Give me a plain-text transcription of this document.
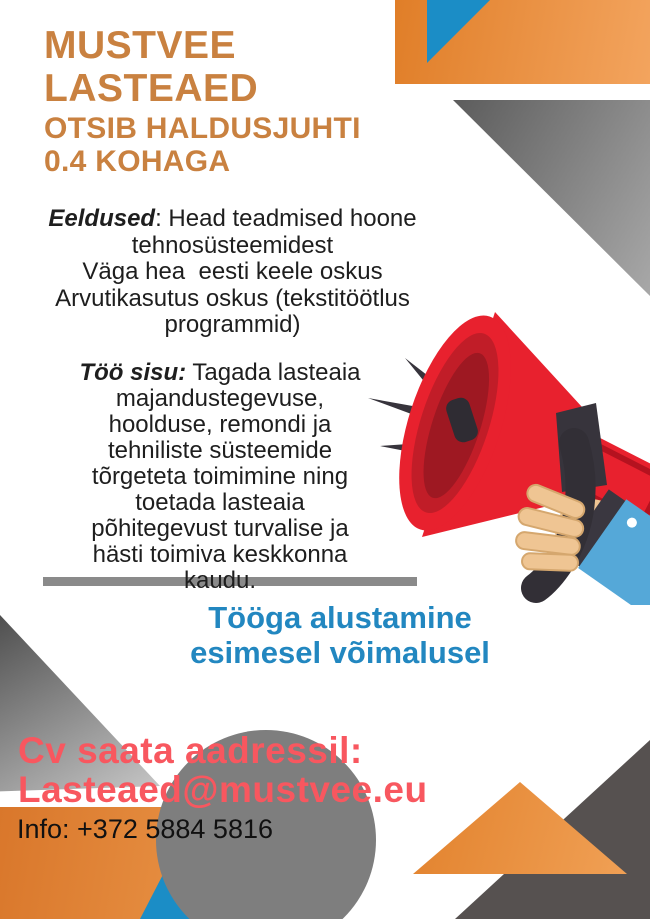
MUSTVEE
LASTEAED
OTSIB HALDUSJUHTI
0.4 KOHAGA
Eeldused: Head teadmised hoone
tehnosüsteemidest
Väga hea  eesti keele oskus
Arvutikasutus oskus (tekstitöötlus
programmid)
Töö sisu: Tagada lasteaia
majandustegevuse,
hoolduse, remondi ja
tehniliste süsteemide
tõrgeteta toimimine ning
toetada lasteaia
põhitegevust turvalise ja
hästi toimiva keskkonna
kaudu.
Tööga alustamine
esimesel võimalusel
Cv saata aadressil:
Lasteaed@mustvee.eu
Info: +372 5884 5816
